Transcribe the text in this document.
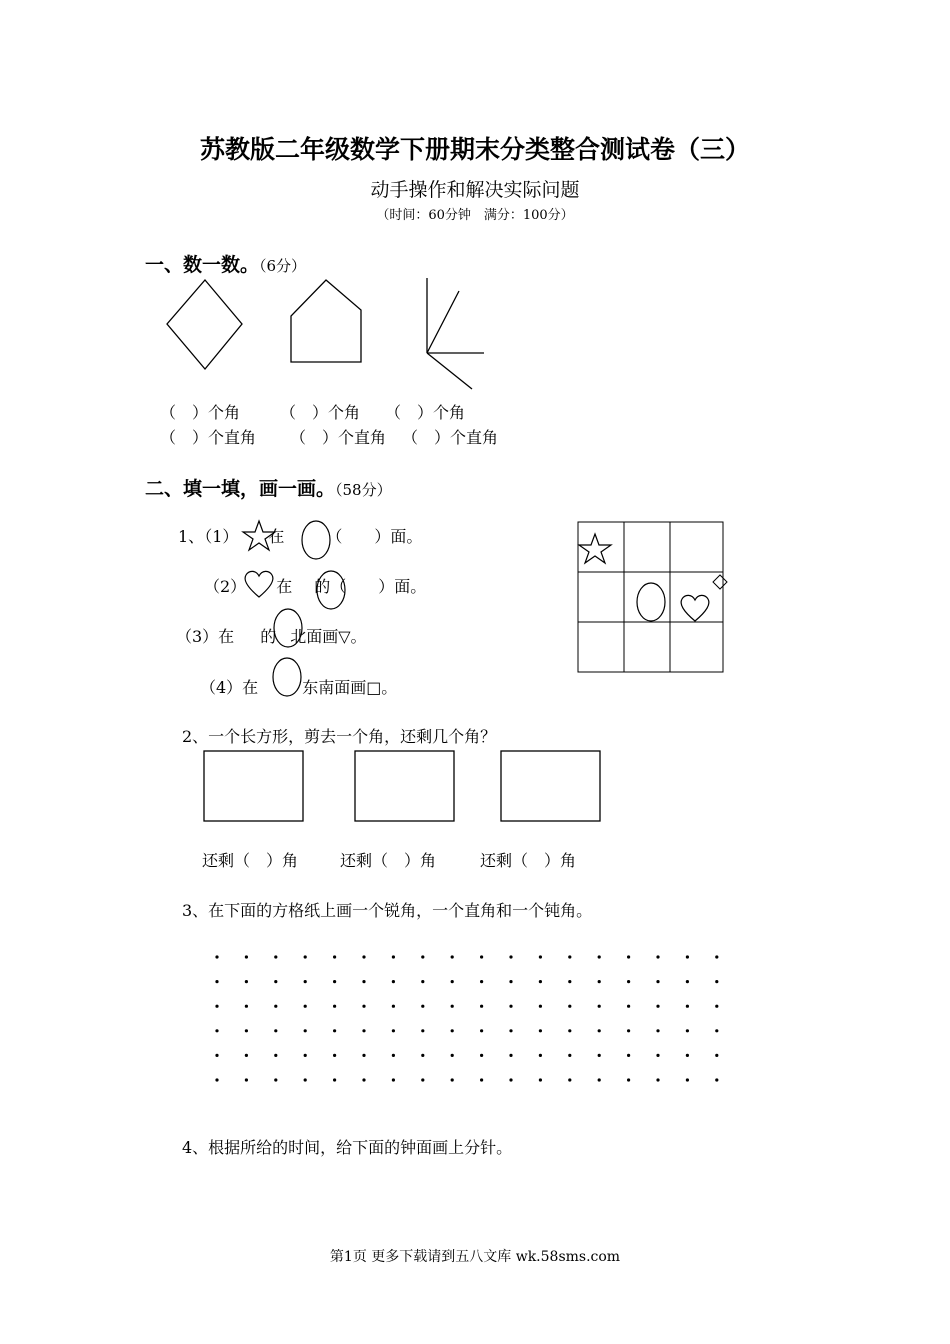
苏教版二年级数学下册期末分类整合测试卷（三）
动手操作和解决实际问题
（时间：60分钟　满分：100分）
一、数一数。（6分）
（　）个角 （　）个角 （　）个角
（　）个直角 （　）个直角 （　）个直角
二、填一填，画一画。（58分）
1、（1） 在	（　　）面。
（2） 在 的（　　）面。
（3）在 的 北面画▽。
（4）在	东南面画□。
2、一个长方形，剪去一个角，还剩几个角？
还剩（　）角	还剩（　）角	还剩（　）角
3、在下面的方格纸上画一个锐角，一个直角和一个钝角。
4、根据所给的时间，给下面的钟面画上分针。
第1页 更多下载请到五八文库 wk.58sms.com
